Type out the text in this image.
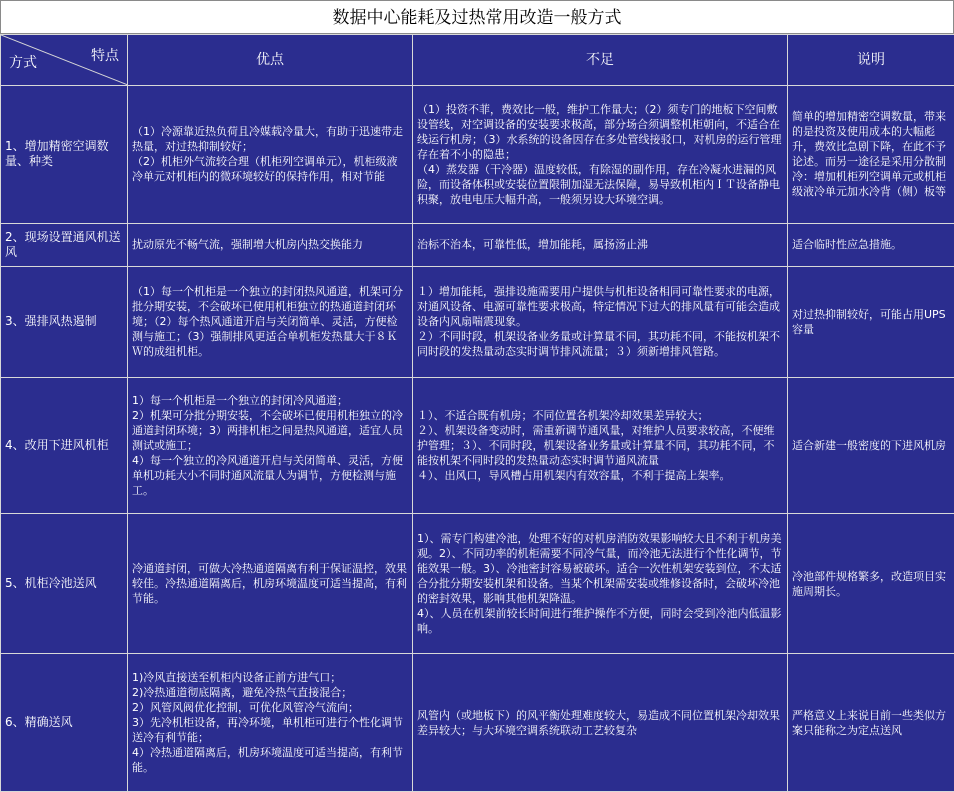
数据中心能耗及过热常用改造一般方式
方式 特点	优点	不足	说明
1、增加精密空调数量、种类	（1）冷源靠近热负荷且冷媒载冷量大，有助于迅速带走热量，对过热抑制较好；
（2）机柜外气流较合理（机柜列空调单元），机柜级液冷单元对机柜内的微环境较好的保持作用，相对节能	（1）投资不菲，费效比一般，维护工作量大；（2）须专门的地板下空间敷设管线，对空调设备的安装要求极高，部分场合须调整机柜朝向，不适合在线运行机房；（3）水系统的设备因存在多处管线接驳口，对机房的运行管理存在着不小的隐患；
（4）蒸发器（干冷器）温度较低，有除湿的副作用，存在冷凝水进漏的风险，而设备体积或安装位置限制加湿无法保障，易导致机柜内ＩＴ设备静电积聚，放电电压大幅升高，一般须另设大环境空调。	简单的增加精密空调数量，带来的是投资及使用成本的大幅彪升，费效比急剧下降，在此不予论述。而另一途径是采用分散制冷：增加机柜列空调单元或机柜级液冷单元加水冷背（侧）板等

2、现场设置通风机送风	扰动原先不畅气流，强制增大机房内热交换能力	治标不治本，可靠性低，增加能耗，属扬汤止沸	适合临时性应急措施。

3、强排风热遏制	（1）每一个机柜是一个独立的封闭热风通道，机架可分批分期安装，不会破坏已使用机柜独立的热通道封闭环境；（2）每个热风通道开启与关闭简单、灵活，方便检测与施工；（3）强制排风更适合单机柜发热量大于８ＫＷ的成组机柜。	１）增加能耗，强排设施需要用户提供与机柜设备相同可靠性要求的电源，对通风设备、电源可靠性要求极高，特定情况下过大的排风量有可能会造成设备内风扇喘震现象。
２）不同时段，机架设备业务量或计算量不同，其功耗不同，不能按机架不同时段的发热量动态实时调节排风流量；３）须新增排风管路。	对过热抑制较好，可能占用UPS容量

4、改用下进风机柜	1）每一个机柜是一个独立的封闭冷风通道；
2）机架可分批分期安装，不会破坏已使用机柜独立的冷通道封闭环境；3）两排机柜之间是热风通道，适宜人员测试或施工；
4）每一个独立的冷风通道开启与关闭简单、灵活，方便单机功耗大小不同时通风流量人为调节，方便检测与施工。	１）、不适合既有机房；不同位置各机架冷却效果差异较大；
２）、机架设备变动时，需重新调节通风量，对维护人员要求较高，不便维护管理；３）、不同时段，机架设备业务量或计算量不同，其功耗不同，不能按机架不同时段的发热量动态实时调节通风流量
４）、出风口，导风槽占用机架内有效容量，不利于提高上架率。	适合新建一般密度的下进风机房

5、机柜冷池送风	冷通道封闭，可做大冷热通道隔离有利于保证温控，效果较佳。冷热通道隔离后，机房环境温度可适当提高，有利节能。	1）、需专门构建冷池，处理不好的对机房消防效果影响较大且不利于机房美观。2）、不同功率的机柜需要不同冷气量，而冷池无法进行个性化调节，节能效果一般。3）、冷池密封容易被破坏。适合一次性机架安装到位，不太适合分批分期安装机架和设备。当某个机架需安装或维修设备时，会破坏冷池的密封效果，影响其他机架降温。
4）、人员在机架前较长时间进行维护操作不方便，同时会受到冷池内低温影响。	冷池部件规格繁多，改造项目实施周期长。

6、精确送风	1)冷风直接送至机柜内设备正前方进气口；
2)冷热通道彻底隔离，避免冷热气直接混合；
2）风管风阀优化控制，可优化风管冷气流向；
3）先冷机柜设备，再冷环境，单机柜可进行个性化调节送冷有利节能；
4）冷热通道隔离后，机房环境温度可适当提高，有利节能。	风管内（或地板下）的风平衡处理难度较大，易造成不同位置机架冷却效果差异较大；与大环境空调系统联动工艺较复杂	严格意义上来说目前一些类似方案只能称之为定点送风
